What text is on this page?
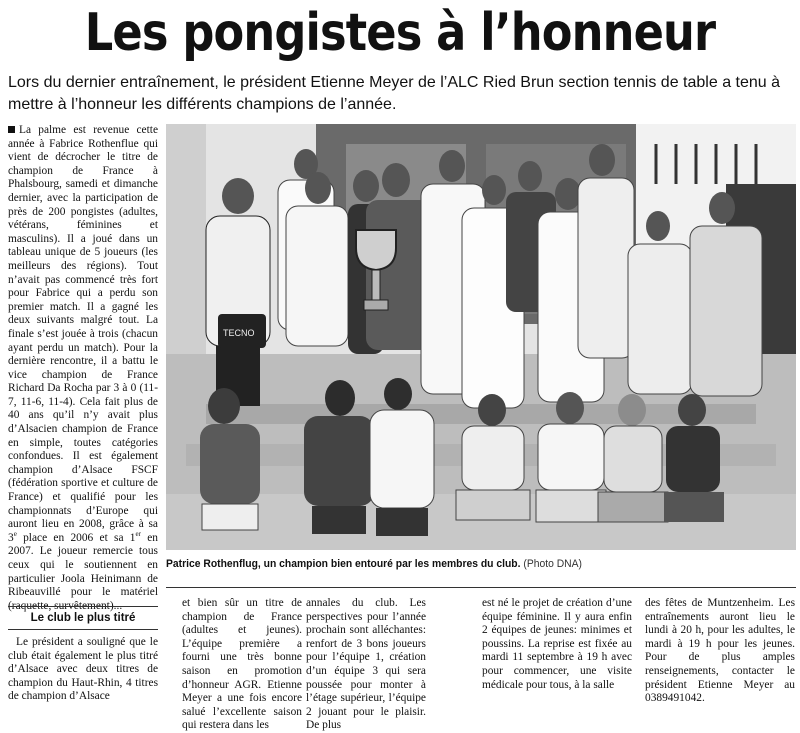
Les pongistes à l’honneur
Lors du dernier entraînement, le président Etienne Meyer de l’ALC Ried Brun section tennis de table a tenu à mettre à l’honneur les différents champions de l’année.

La palme est revenue cette année à Fabrice Rothenflue qui vient de décrocher le titre de champion de France à Phalsbourg, samedi et dimanche dernier, avec la participation de près de 200 pongistes (adultes, vétérans, féminines et masculins). Il a joué dans un tableau unique de 5 joueurs (les meilleurs des régions). Tout n’avait pas commencé très fort pour Fabrice qui a perdu son premier match. Il a gagné les deux suivants malgré tout. La finale s’est jouée à trois (chacun ayant perdu un match). Pour la dernière rencontre, il a battu le vice champion de France Richard Da Rocha par 3 à 0 (11-7, 11-6, 11-4). Cela fait plus de 40 ans qu’il n’y avait plus d’Alsacien champion de France en simple, toutes catégories confondues. Il est également champion d’Alsace FSCF (fédération sportive et culture de France) et qualifié pour les championnats d’Europe qui auront lieu en 2008, grâce à sa 3e place en 2006 et sa 1er en 2007. Le joueur remercie tous ceux qui le soutiennent en particulier Joola Heinimann de Ribeauvillé pour le matériel (raquette, survêtement)...

Le club le plus titré

Le président a souligné que le club était également le plus titré d’Alsace avec deux titres de champion du Haut-Rhin, 4 titres de champion d’Alsace

TECNO
Patrice Rothenflug, un champion bien entouré par les membres du club. (Photo DNA)

et bien sûr un titre de champion de France (adultes et jeunes). L’équipe première a fourni une très bonne saison en promotion d’honneur AGR. Etienne Meyer a une fois encore salué l’excellente saison qui restera dans les

annales du club. Les perspectives pour l’année prochain sont alléchantes: renfort de 3 bons joueurs pour l’équipe 1, création d’un équipe 3 qui sera poussée pour monter à l’étage supérieur, l’équipe 2 jouant pour le plaisir. De plus

est né le projet de création d’une équipe féminine. Il y aura enfin 2 équipes de jeunes: minimes et poussins. La reprise est fixée au mardi 11 septembre à 19 h avec pour commencer, une visite médicale pour tous, à la salle

des fêtes de Muntzenheim. Les entraînements auront lieu le lundi à 20 h, pour les adultes, le mardi à 19 h pour les jeunes. Pour de plus amples renseignements, contacter le président Etienne Meyer au 0389491042.
